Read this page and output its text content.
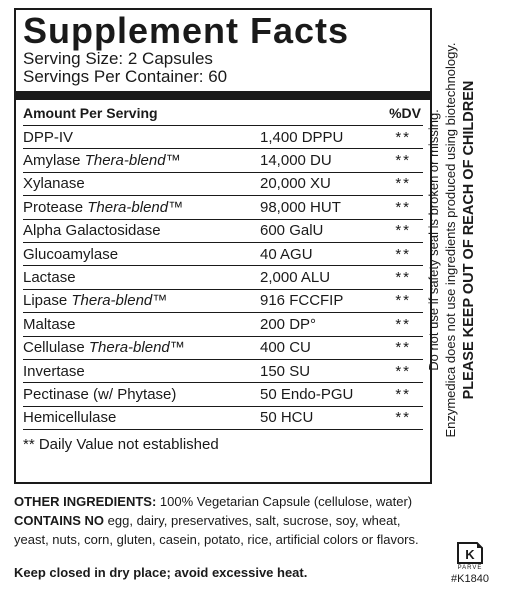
Supplement Facts
Serving Size: 2 Capsules
Servings Per Container: 60
Amount Per Serving	%DV
DPP-IV	1,400 DPPU	**
Amylase Thera-blend™	14,000 DU	**
Xylanase	20,000 XU	**
Protease Thera-blend™	98,000 HUT	**
Alpha Galactosidase	600 GalU	**
Glucoamylase	40 AGU	**
Lactase	2,000 ALU	**
Lipase Thera-blend™	916 FCCFIP	**
Maltase	200 DP°	**
Cellulase Thera-blend™	400 CU	**
Invertase	150 SU	**
Pectinase (w/ Phytase)	50 Endo-PGU	**
Hemicellulase	50 HCU	**
** Daily Value not established
Do not use if safety seal is broken or missing. Enzymedica does not use ingredients produced using biotechnology. PLEASE KEEP OUT OF REACH OF CHILDREN
OTHER INGREDIENTS: 100% Vegetarian Capsule (cellulose, water)
CONTAINS NO egg, dairy, preservatives, salt, sucrose, soy, wheat, yeast, nuts, corn, gluten, casein, potato, rice, artificial colors or flavors.
Keep closed in dry place; avoid excessive heat.
K
PARVE
#K1840
